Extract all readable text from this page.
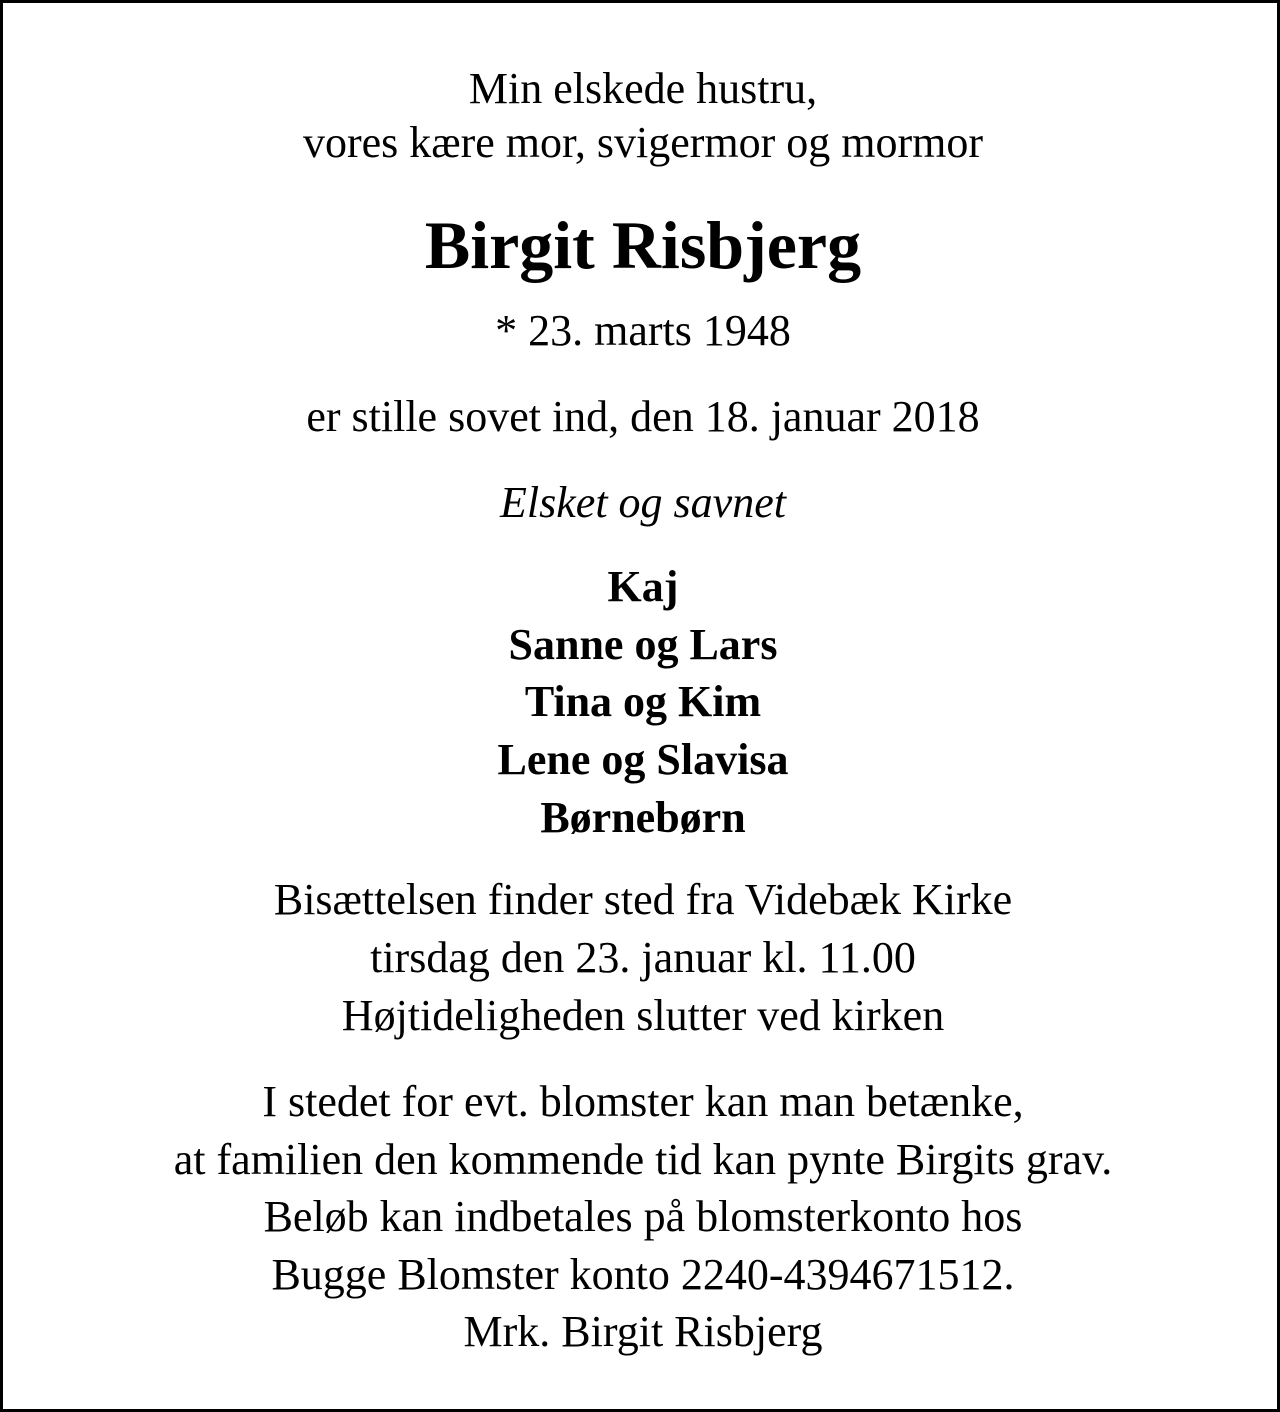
Min elskede hustru,
vores kære mor, svigermor og mormor
Birgit Risbjerg
* 23. marts 1948
er stille sovet ind, den 18. januar 2018
Elsket og savnet
Kaj
Sanne og Lars
Tina og Kim
Lene og Slavisa
Børnebørn
Bisættelsen finder sted fra Videbæk Kirke
tirsdag den 23. januar kl. 11.00
Højtideligheden slutter ved kirken
I stedet for evt. blomster kan man betænke,
at familien den kommende tid kan pynte Birgits grav.
Beløb kan indbetales på blomsterkonto hos
Bugge Blomster konto 2240-4394671512.
Mrk. Birgit Risbjerg
